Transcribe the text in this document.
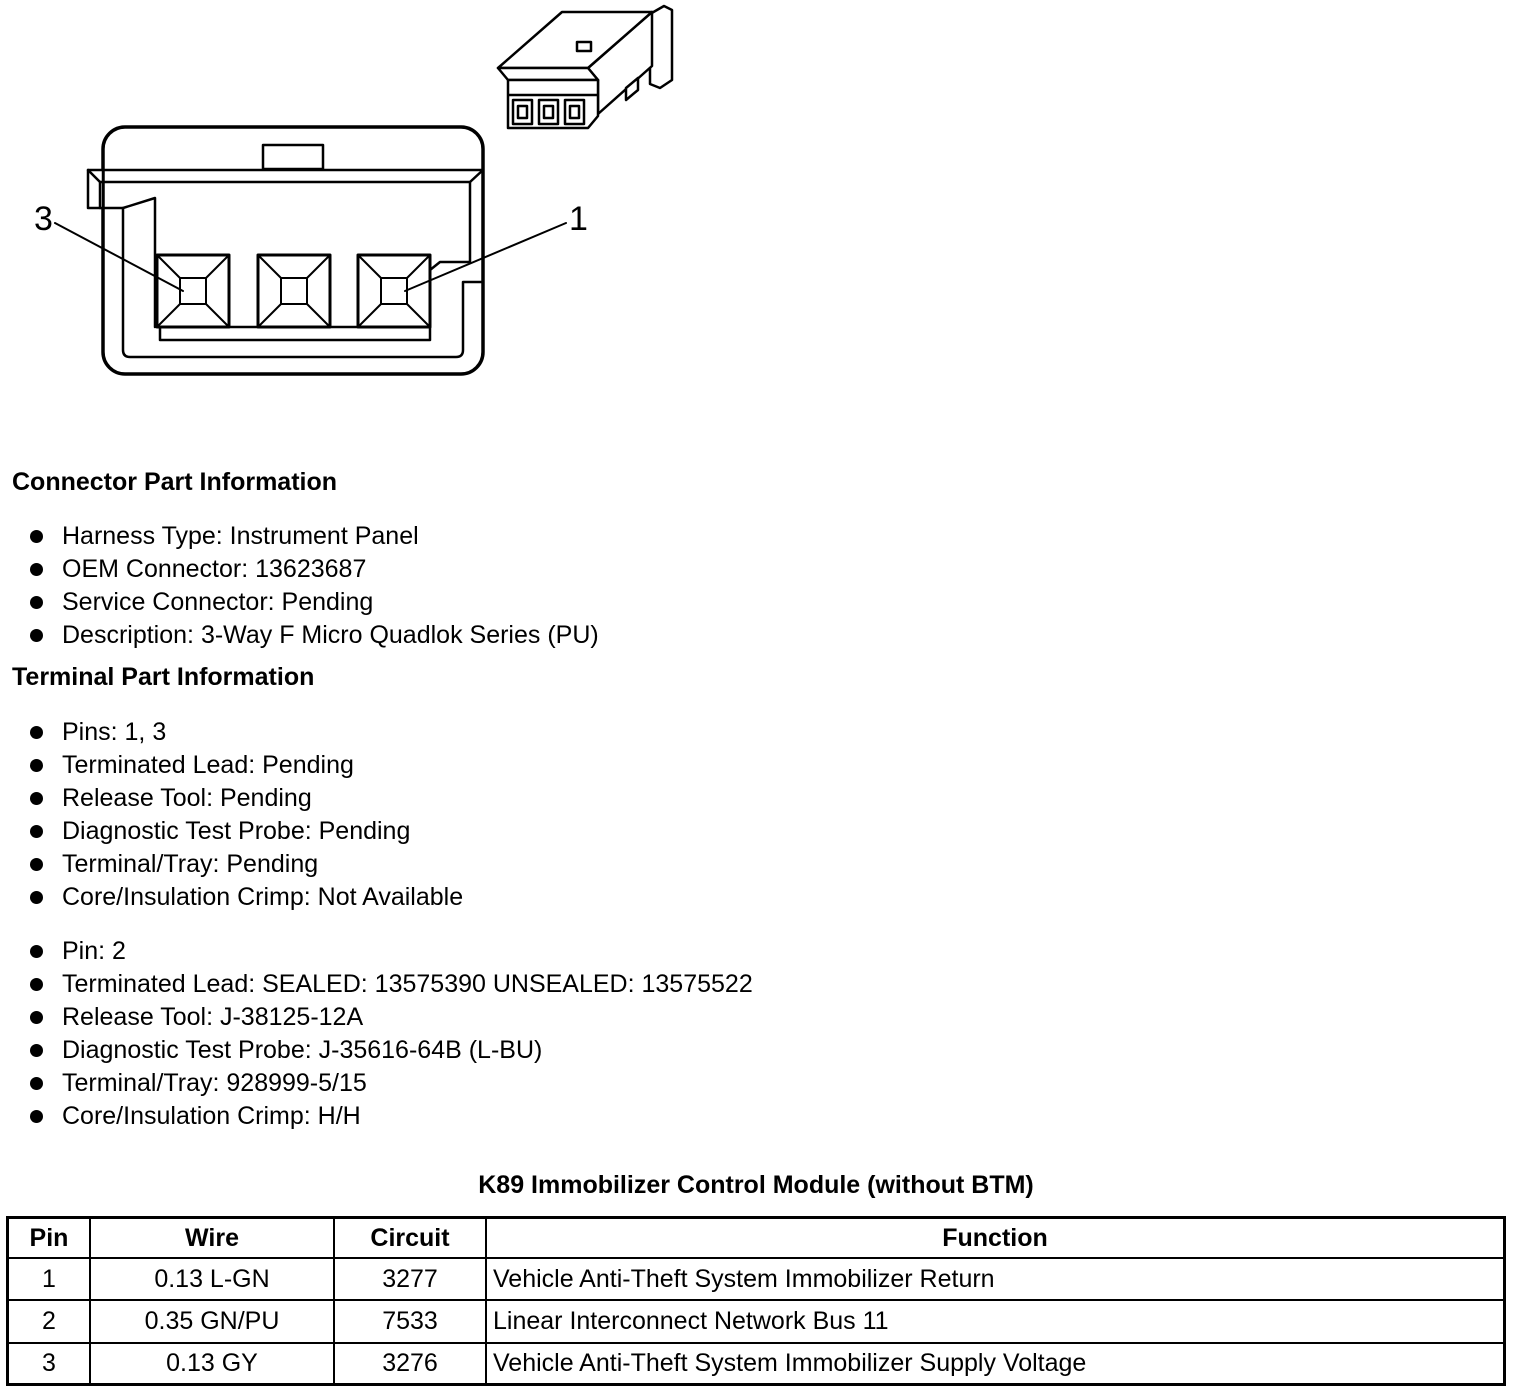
3	1
Connector Part Information
Harness Type: Instrument Panel
OEM Connector: 13623687
Service Connector: Pending
Description: 3-Way F Micro Quadlok Series (PU)
Terminal Part Information
Pins: 1, 3
Terminated Lead: Pending
Release Tool: Pending
Diagnostic Test Probe: Pending
Terminal/Tray: Pending
Core/Insulation Crimp: Not Available
Pin: 2
Terminated Lead: SEALED: 13575390 UNSEALED: 13575522
Release Tool: J-38125-12A
Diagnostic Test Probe: J-35616-64B (L-BU)
Terminal/Tray: 928999-5/15
Core/Insulation Crimp: H/H
K89 Immobilizer Control Module (without BTM)
Pin	Wire	Circuit	Function
1	0.13 L-GN	3277	Vehicle Anti-Theft System Immobilizer Return
2	0.35 GN/PU	7533	Linear Interconnect Network Bus 11
3	0.13 GY	3276	Vehicle Anti-Theft System Immobilizer Supply Voltage
